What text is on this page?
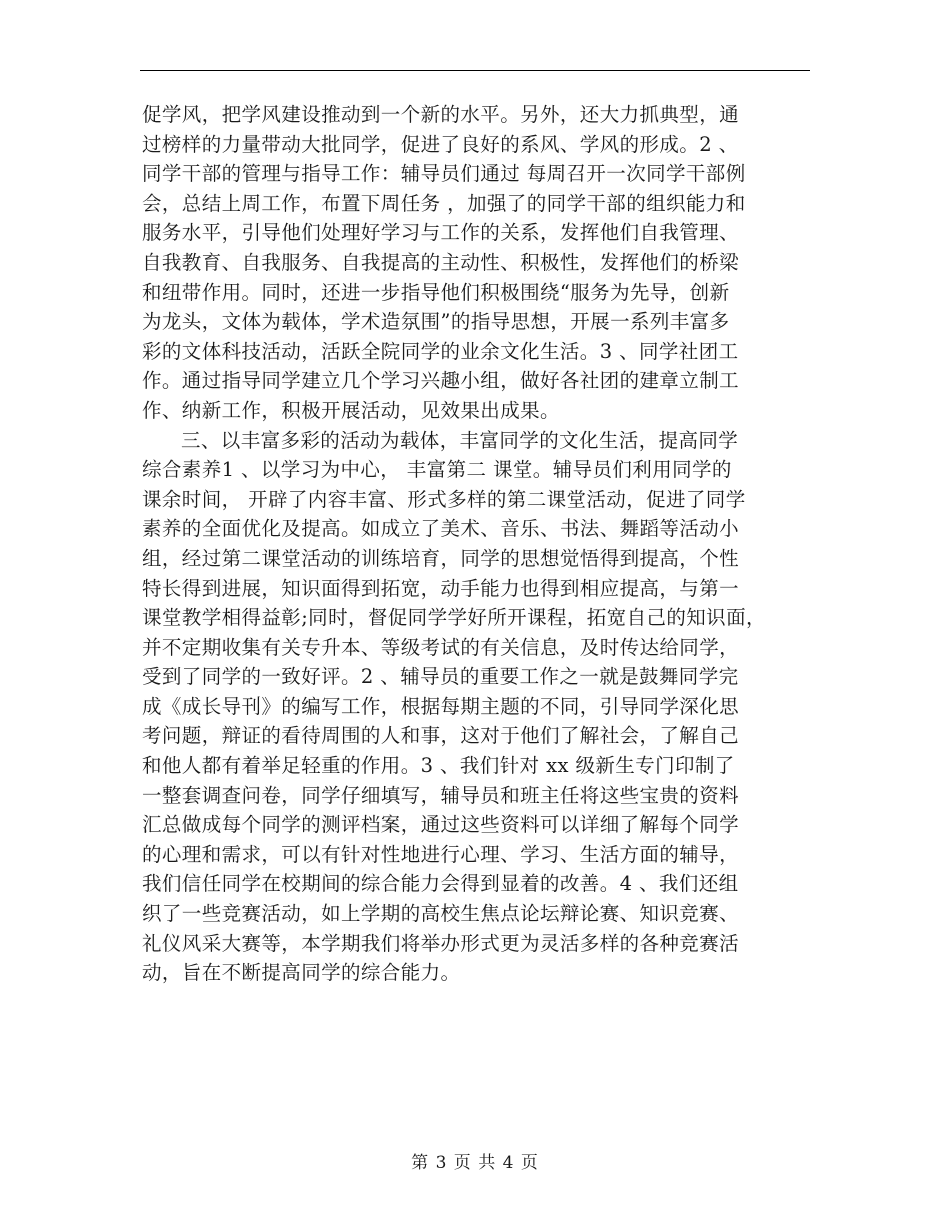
促学风，把学风建设推动到一个新的水平。另外，还大力抓典型，通
过榜样的力量带动大批同学，促进了良好的系风、学风的形成。2 、
同学干部的管理与指导工作：辅导员们通过 每周召开一次同学干部例
会，总结上周工作，布置下周任务 ，加强了的同学干部的组织能力和
服务水平，引导他们处理好学习与工作的关系，发挥他们自我管理、
自我教育、自我服务、自我提高的主动性、积极性，发挥他们的桥梁
和纽带作用。同时，还进一步指导他们积极围绕“服务为先导，创新
为龙头，文体为载体，学术造氛围”的指导思想，开展一系列丰富多
彩的文体科技活动，活跃全院同学的业余文化生活。3 、同学社团工
作。通过指导同学建立几个学习兴趣小组，做好各社团的建章立制工
作、纳新工作，积极开展活动，见效果出成果。
三、以丰富多彩的活动为载体，丰富同学的文化生活，提高同学
综合素养1 、以学习为中心， 丰富第二 课堂。辅导员们利用同学的
课余时间， 开辟了内容丰富、形式多样的第二课堂活动，促进了同学
素养的全面优化及提高。如成立了美术、音乐、书法、舞蹈等活动小
组，经过第二课堂活动的训练培育，同学的思想觉悟得到提高，个性
特长得到进展，知识面得到拓宽，动手能力也得到相应提高，与第一
课堂教学相得益彰;同时，督促同学学好所开课程，拓宽自己的知识面，
并不定期收集有关专升本、等级考试的有关信息，及时传达给同学，
受到了同学的一致好评。2 、辅导员的重要工作之一就是鼓舞同学完
成《成长导刊》的编写工作，根据每期主题的不同，引导同学深化思
考问题，辩证的看待周围的人和事，这对于他们了解社会，了解自己
和他人都有着举足轻重的作用。3 、我们针对 xx 级新生专门印制了
一整套调查问卷，同学仔细填写，辅导员和班主任将这些宝贵的资料
汇总做成每个同学的测评档案，通过这些资料可以详细了解每个同学
的心理和需求，可以有针对性地进行心理、学习、生活方面的辅导，
我们信任同学在校期间的综合能力会得到显着的改善。4 、我们还组
织了一些竞赛活动，如上学期的高校生焦点论坛辩论赛、知识竞赛、
礼仪风采大赛等，本学期我们将举办形式更为灵活多样的各种竞赛活
动，旨在不断提高同学的综合能力。
第 3 页 共 4 页
